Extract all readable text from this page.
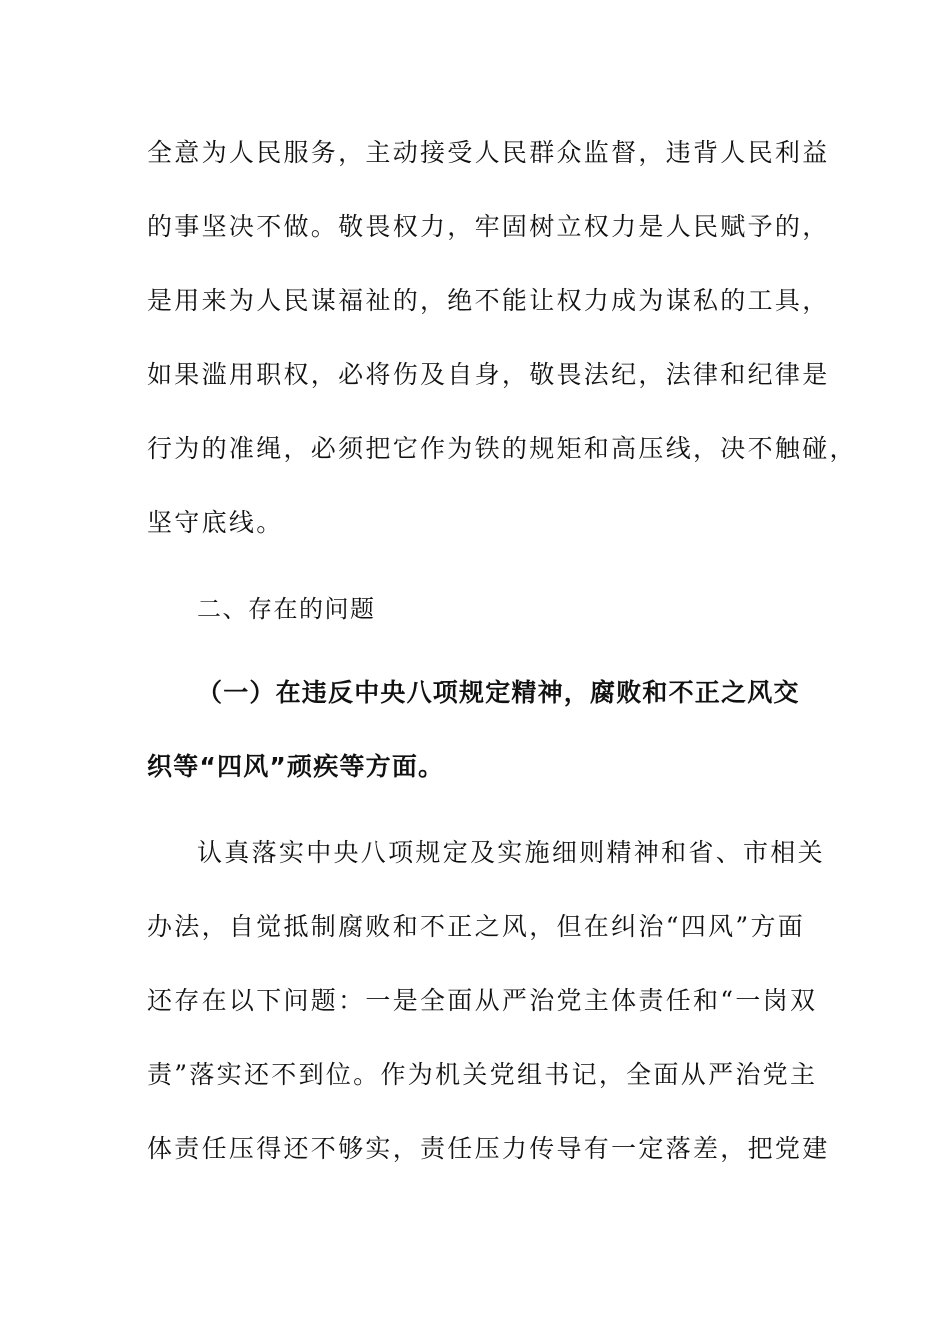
全意为人民服务，主动接受人民群众监督，违背人民利益
的事坚决不做。敬畏权力，牢固树立权力是人民赋予的，
是用来为人民谋福祉的，绝不能让权力成为谋私的工具，
如果滥用职权，必将伤及自身，敬畏法纪，法律和纪律是
行为的准绳，必须把它作为铁的规矩和高压线，决不触碰，
坚守底线。
二、存在的问题
（一）在违反中央八项规定精神，腐败和不正之风交
织等“四风”顽疾等方面。
认真落实中央八项规定及实施细则精神和省、市相关
办法，自觉抵制腐败和不正之风，但在纠治“四风”方面
还存在以下问题：一是全面从严治党主体责任和“一岗双
责”落实还不到位。作为机关党组书记，全面从严治党主
体责任压得还不够实，责任压力传导有一定落差，把党建
